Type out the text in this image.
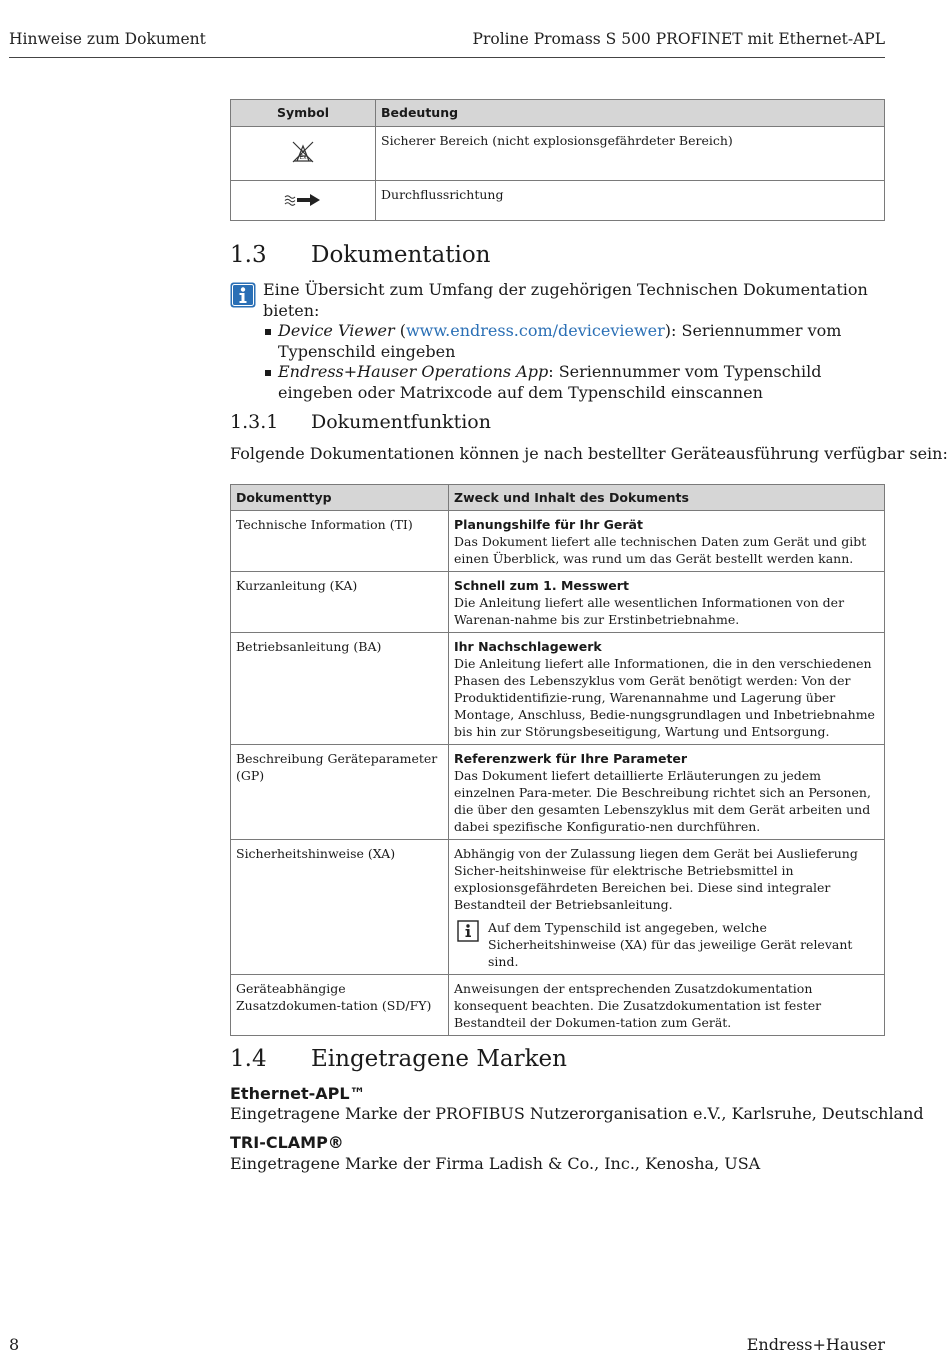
Hinweise zum Dokument	Proline Promass S 500 PROFINET mit Ethernet-APL
Symbol	Bedeutung

Ex	Sicherer Bereich (nicht explosionsgefährdeter Bereich)
	Durchflussrichtung
1.3 Dokumentation
Eine Übersicht zum Umfang der zugehörigen Technischen Dokumentation bieten:
Device Viewer (www.endress.com/deviceviewer): Seriennummer vom Typenschild eingeben
Endress+Hauser Operations App: Seriennummer vom Typenschild eingeben oder Matrixcode auf dem Typenschild einscannen
1.3.1 Dokumentfunktion

Folgende Dokumentationen können je nach bestellter Geräteausführung verfügbar sein:

Dokumenttyp	Zweck und Inhalt des Dokuments
Technische Information (TI)	Planungshilfe für Ihr Gerät
Das Dokument liefert alle technischen Daten zum Gerät und gibt einen Überblick, was rund um das Gerät bestellt werden kann.

Kurzanleitung (KA)	Schnell zum 1. Messwert
Die Anleitung liefert alle wesentlichen Informationen von der Warenan-nahme bis zur Erstinbetriebnahme.

Betriebsanleitung (BA)	Ihr Nachschlagewerk
Die Anleitung liefert alle Informationen, die in den verschiedenen Phasen des Lebenszyklus vom Gerät benötigt werden: Von der Produktidentifizie-rung, Warenannahme und Lagerung über Montage, Anschluss, Bedie-nungsgrundlagen und Inbetriebnahme bis hin zur Störungsbeseitigung, Wartung und Entsorgung.

Beschreibung Geräteparameter (GP)	Referenzwerk für Ihre Parameter
Das Dokument liefert detaillierte Erläuterungen zu jedem einzelnen Para-meter. Die Beschreibung richtet sich an Personen, die über den gesamten Lebenszyklus mit dem Gerät arbeiten und dabei spezifische Konfiguratio-nen durchführen.

Sicherheitshinweise (XA)	Abhängig von der Zulassung liegen dem Gerät bei Auslieferung Sicher-heitshinweise für elektrische Betriebsmittel in explosionsgefährdeten Bereichen bei. Diese sind integraler Bestandteil der Betriebsanleitung.
Auf dem Typenschild ist angegeben, welche Sicherheitshinweise (XA) für das jeweilige Gerät relevant sind.

Geräteabhängige Zusatzdokumen-tation (SD/FY)	Anweisungen der entsprechenden Zusatzdokumentation konsequent beachten. Die Zusatzdokumentation ist fester Bestandteil der Dokumen-tation zum Gerät.
1.4 Eingetragene Marken
Ethernet-APL™

Eingetragene Marke der PROFIBUS Nutzerorganisation e.V., Karlsruhe, Deutschland

TRI-CLAMP®

Eingetragene Marke der Firma Ladish & Co., Inc., Kenosha, USA

8	Endress+Hauser
